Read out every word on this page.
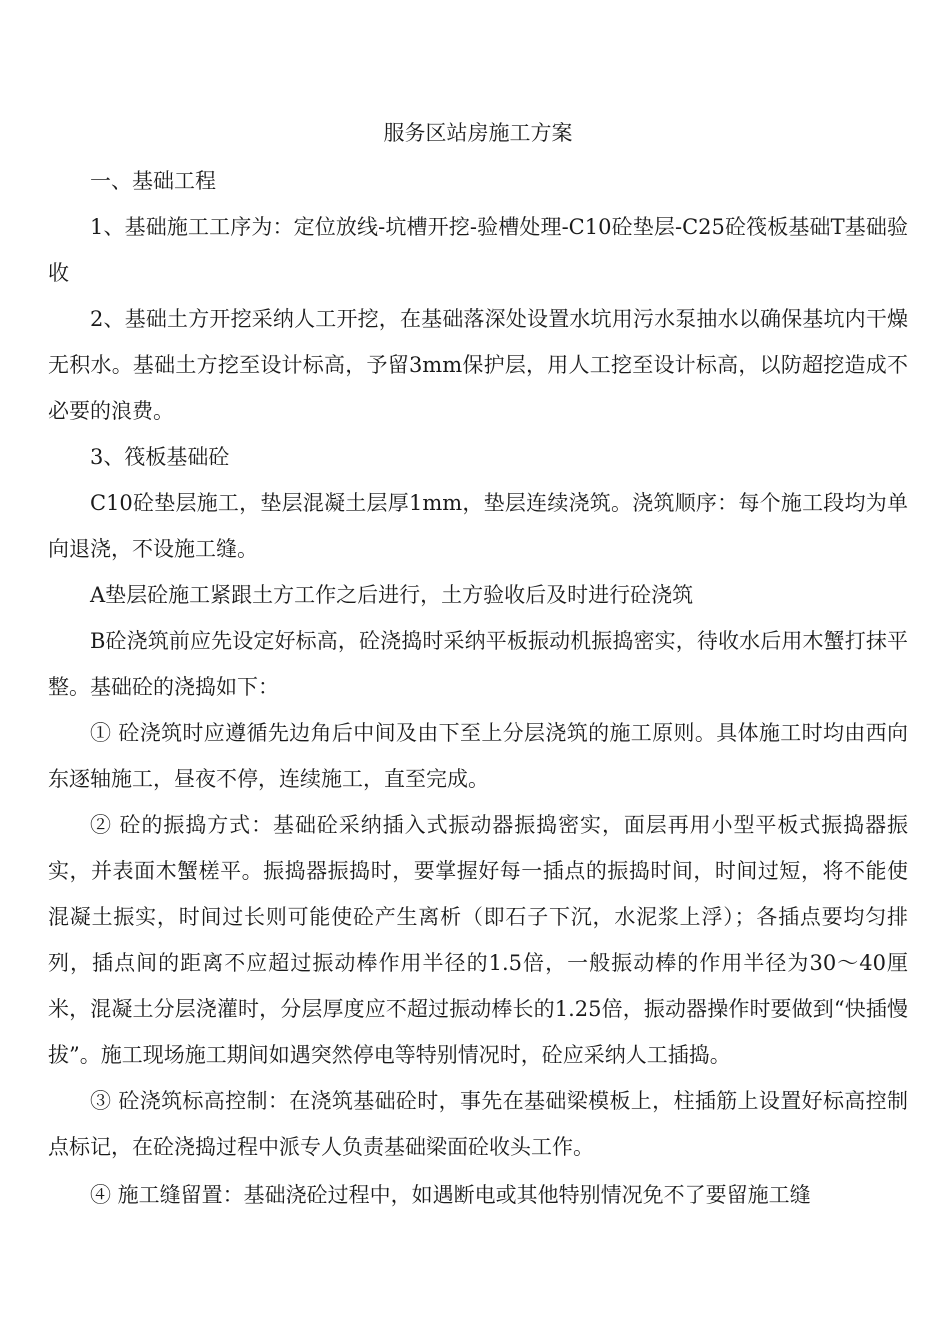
服务区站房施工方案

一、基础工程

1、基础施工工序为：定位放线-坑槽开挖-验槽处理-C10砼垫层-C25砼筏板基础T基础验收

2、基础土方开挖采纳人工开挖，在基础落深处设置水坑用污水泵抽水以确保基坑内干燥无积水。基础土方挖至设计标高，予留3mm保护层，用人工挖至设计标高，以防超挖造成不必要的浪费。

3、筏板基础砼

C10砼垫层施工，垫层混凝土层厚1mm，垫层连续浇筑。浇筑顺序：每个施工段均为单向退浇，不设施工缝。

A垫层砼施工紧跟土方工作之后进行，土方验收后及时进行砼浇筑

B砼浇筑前应先设定好标高，砼浇捣时采纳平板振动机振捣密实，待收水后用木蟹打抹平整。基础砼的浇捣如下：

① 砼浇筑时应遵循先边角后中间及由下至上分层浇筑的施工原则。具体施工时均由西向东逐轴施工，昼夜不停，连续施工，直至完成。

② 砼的振捣方式：基础砼采纳插入式振动器振捣密实，面层再用小型平板式振捣器振实，并表面木蟹槎平。振捣器振捣时，要掌握好每一插点的振捣时间，时间过短，将不能使混凝土振实，时间过长则可能使砼产生离析（即石子下沉，水泥浆上浮）；各插点要均匀排列，插点间的距离不应超过振动棒作用半径的1.5倍，一般振动棒的作用半径为30〜40厘米，混凝土分层浇灌时，分层厚度应不超过振动棒长的1.25倍，振动器操作时要做到“快插慢拔”。施工现场施工期间如遇突然停电等特别情况时，砼应采纳人工插捣。

③ 砼浇筑标高控制：在浇筑基础砼时，事先在基础梁模板上，柱插筋上设置好标高控制点标记，在砼浇捣过程中派专人负责基础梁面砼收头工作。

④ 施工缝留置：基础浇砼过程中，如遇断电或其他特别情况免不了要留施工缝
